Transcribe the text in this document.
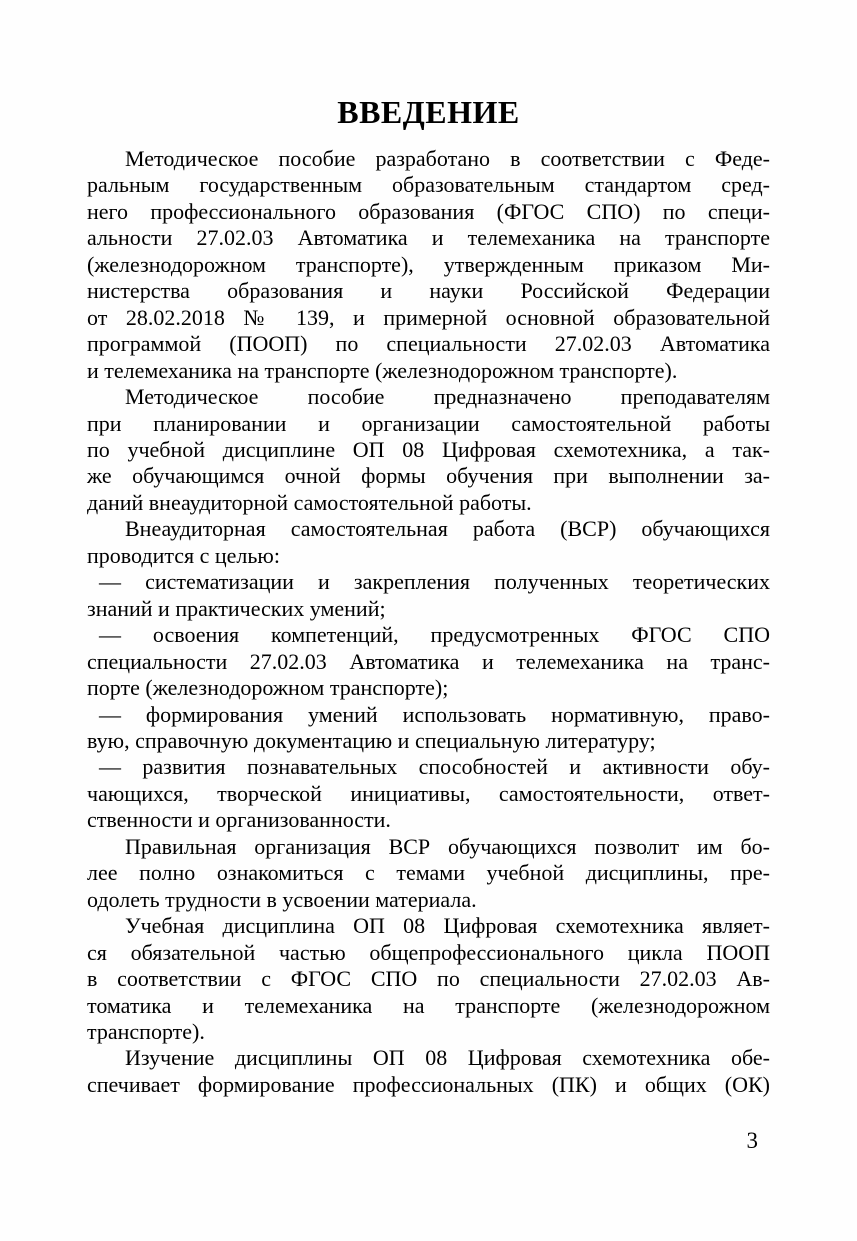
ВВЕДЕНИЕ
Методическое пособие разработано в соответствии с Феде-
ральным государственным образовательным стандартом сред-
него профессионального образования (ФГОС СПО) по специ-
альности 27.02.03 Автоматика и телемеханика на транспорте
(железнодорожном транспорте), утвержденным приказом Ми-
нистерства образования и науки Российской Федерации
от 28.02.2018 № 139, и примерной основной образовательной
программой (ПООП) по специальности 27.02.03 Автоматика
и телемеханика на транспорте (железнодорожном транспорте).
Методическое пособие предназначено преподавателям
при планировании и организации самостоятельной работы
по учебной дисциплине ОП 08 Цифровая схемотехника, а так-
же обучающимся очной формы обучения при выполнении за-
даний внеаудиторной самостоятельной работы.
Внеаудиторная самостоятельная работа (ВСР) обучающихся
проводится с целью:
— систематизации и закрепления полученных теоретических
знаний и практических умений;
— освоения компетенций, предусмотренных ФГОС СПО
специальности 27.02.03 Автоматика и телемеханика на транс-
порте (железнодорожном транспорте);
— формирования умений использовать нормативную, право-
вую, справочную документацию и специальную литературу;
— развития познавательных способностей и активности обу-
чающихся, творческой инициативы, самостоятельности, ответ-
ственности и организованности.
Правильная организация ВСР обучающихся позволит им бо-
лее полно ознакомиться с темами учебной дисциплины, пре-
одолеть трудности в усвоении материала.
Учебная дисциплина ОП 08 Цифровая схемотехника являет-
ся обязательной частью общепрофессионального цикла ПООП
в соответствии с ФГОС СПО по специальности 27.02.03 Ав-
томатика и телемеханика на транспорте (железнодорожном
транспорте).
Изучение дисциплины ОП 08 Цифровая схемотехника обе-
спечивает формирование профессиональных (ПК) и общих (ОК)
3
